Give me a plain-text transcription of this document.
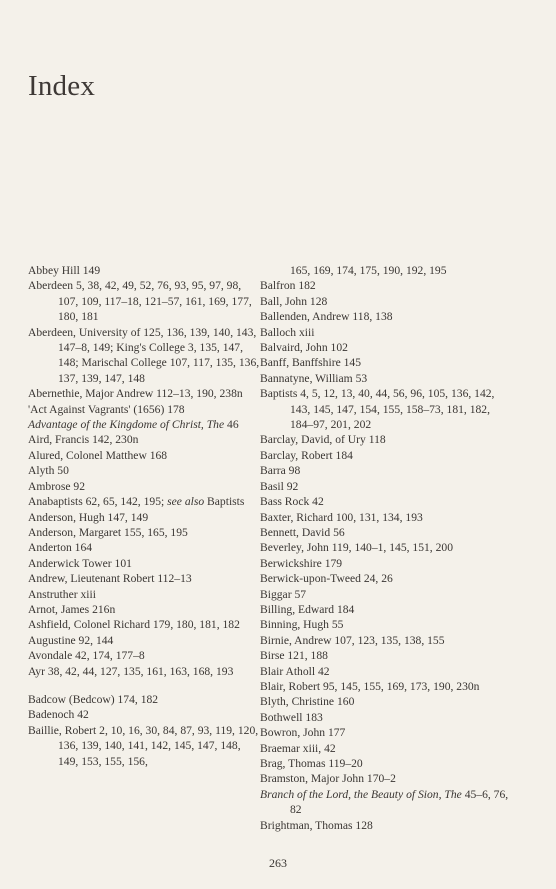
Index
Abbey Hill 149
Aberdeen 5, 38, 42, 49, 52, 76, 93, 95, 97, 98, 107, 109, 117–18, 121–57, 161, 169, 177, 180, 181
Aberdeen, University of 125, 136, 139, 140, 143, 147–8, 149; King's College 3, 135, 147, 148; Marischal College 107, 117, 135, 136, 137, 139, 147, 148
Abernethie, Major Andrew 112–13, 190, 238n
'Act Against Vagrants' (1656) 178
Advantage of the Kingdome of Christ, The 46
Aird, Francis 142, 230n
Alured, Colonel Matthew 168
Alyth 50
Ambrose 92
Anabaptists 62, 65, 142, 195; see also Baptists
Anderson, Hugh 147, 149
Anderson, Margaret 155, 165, 195
Anderton 164
Anderwick Tower 101
Andrew, Lieutenant Robert 112–13
Anstruther xiii
Arnot, James 216n
Ashfield, Colonel Richard 179, 180, 181, 182
Augustine 92, 144
Avondale 42, 174, 177–8
Ayr 38, 42, 44, 127, 135, 161, 163, 168, 193
Badcow (Bedcow) 174, 182
Badenoch 42
Baillie, Robert 2, 10, 16, 30, 84, 87, 93, 119, 120, 136, 139, 140, 141, 142, 145, 147, 148, 149, 153, 155, 156,
165, 169, 174, 175, 190, 192, 195
Balfron 182
Ball, John 128
Ballenden, Andrew 118, 138
Balloch xiii
Balvaird, John 102
Banff, Banffshire 145
Bannatyne, William 53
Baptists 4, 5, 12, 13, 40, 44, 56, 96, 105, 136, 142, 143, 145, 147, 154, 155, 158–73, 181, 182, 184–97, 201, 202
Barclay, David, of Ury 118
Barclay, Robert 184
Barra 98
Basil 92
Bass Rock 42
Baxter, Richard 100, 131, 134, 193
Bennett, David 56
Beverley, John 119, 140–1, 145, 151, 200
Berwickshire 179
Berwick-upon-Tweed 24, 26
Biggar 57
Billing, Edward 184
Binning, Hugh 55
Birnie, Andrew 107, 123, 135, 138, 155
Birse 121, 188
Blair Atholl 42
Blair, Robert 95, 145, 155, 169, 173, 190, 230n
Blyth, Christine 160
Bothwell 183
Bowron, John 177
Braemar xiii, 42
Brag, Thomas 119–20
Bramston, Major John 170–2
Branch of the Lord, the Beauty of Sion, The 45–6, 76, 82
Brightman, Thomas 128
263
